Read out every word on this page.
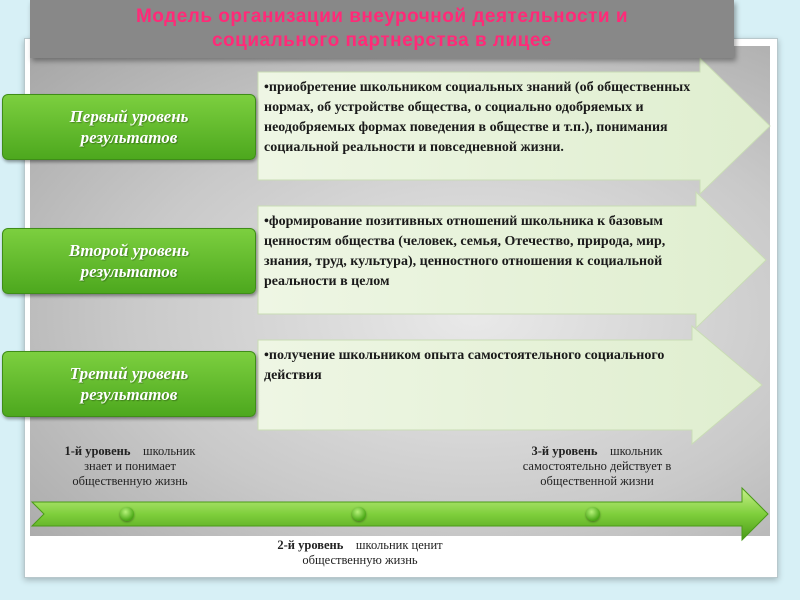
Модель организации внеурочной деятельности и
социального партнерства в лицее
Первый уровень
результатов
Второй уровень
результатов
Третий уровень
результатов
•приобретение школьником социальных знаний (об общественных нормах, об устройстве общества, о социально одобряемых и неодобряемых формах поведения в обществе и т.п.), понимания социальной реальности и повседневной жизни.
•формирование позитивных отношений школьника к базовым ценностям общества (человек, семья, Отечество, природа, мир, знания, труд, культура), ценностного отношения к социальной реальности в целом
•получение школьником опыта самостоятельного социального действия
1-й уровень школьник
знает и понимает
общественную жизнь
3-й уровень школьник
самостоятельно действует в
общественной жизни
2-й уровень школьник ценит
общественную жизнь
